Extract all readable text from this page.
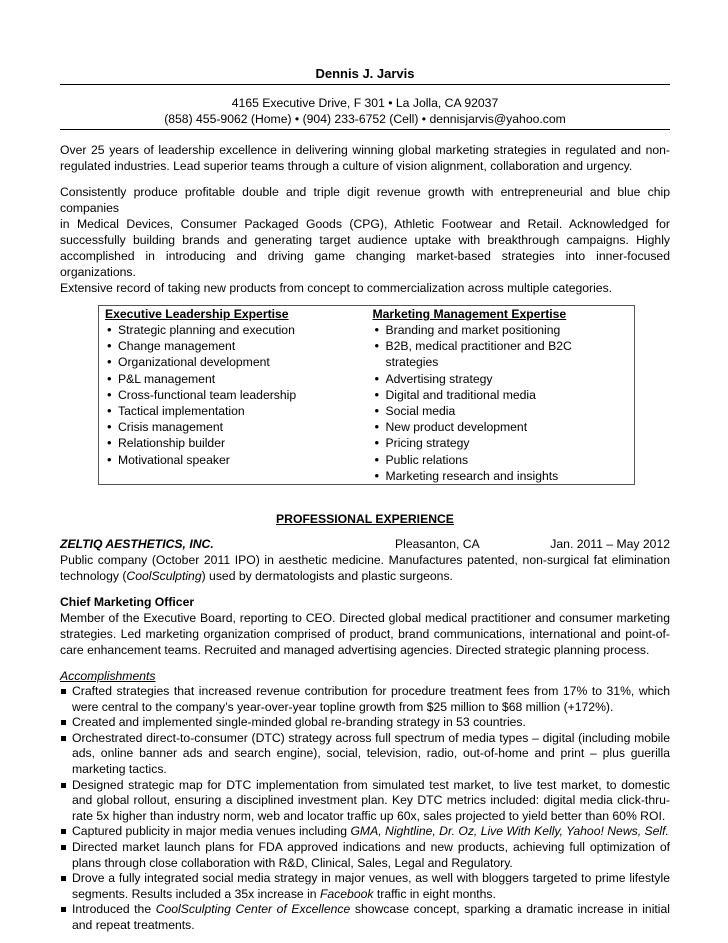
Dennis J. Jarvis
4165 Executive Drive, F 301 • La Jolla, CA 92037
(858) 455-9062 (Home) • (904) 233-6752 (Cell) • dennisjarvis@yahoo.com
Over 25 years of leadership excellence in delivering winning global marketing strategies in regulated and non-regulated industries. Lead superior teams through a culture of vision alignment, collaboration and urgency.
Consistently produce profitable double and triple digit revenue growth with entrepreneurial and blue chip companies
in Medical Devices, Consumer Packaged Goods (CPG), Athletic Footwear and Retail. Acknowledged for
successfully building brands and generating target audience uptake with breakthrough campaigns. Highly
accomplished in introducing and driving game changing market-based strategies into inner-focused organizations.
Extensive record of taking new products from concept to commercialization across multiple categories.
Executive Leadership Expertise
• Strategic planning and execution
• Change management
• Organizational development
• P&L management
• Cross-functional team leadership
• Tactical implementation
• Crisis management
• Relationship builder
• Motivational speaker
Marketing Management Expertise
• Branding and market positioning
• B2B, medical practitioner and B2C strategies
• Advertising strategy
• Digital and traditional media
• Social media
• New product development
• Pricing strategy
• Public relations
• Marketing research and insights
PROFESSIONAL EXPERIENCE
ZELTIQ AESTHETICS, INC.	Pleasanton, CA	Jan. 2011 – May 2012
Public company (October 2011 IPO) in aesthetic medicine. Manufactures patented, non-surgical fat elimination
technology (CoolSculpting) used by dermatologists and plastic surgeons.
Chief Marketing Officer
Member of the Executive Board, reporting to CEO. Directed global medical practitioner and consumer marketing strategies. Led marketing organization comprised of product, brand communications, international and point-of-care enhancement teams. Recruited and managed advertising agencies. Directed strategic planning process.
Accomplishments
Crafted strategies that increased revenue contribution for procedure treatment fees from 17% to 31%, which were central to the company’s year-over-year topline growth from $25 million to $68 million (+172%).
Created and implemented single-minded global re-branding strategy in 53 countries.
Orchestrated direct-to-consumer (DTC) strategy across full spectrum of media types – digital (including mobile ads, online banner ads and search engine), social, television, radio, out-of-home and print – plus guerilla marketing tactics.
Designed strategic map for DTC implementation from simulated test market, to live test market, to domestic and global rollout, ensuring a disciplined investment plan. Key DTC metrics included: digital media click-thru-rate 5x higher than industry norm, web and locator traffic up 60x, sales projected to yield better than 60% ROI.
Captured publicity in major media venues including GMA, Nightline, Dr. Oz, Live With Kelly, Yahoo! News, Self.
Directed market launch plans for FDA approved indications and new products, achieving full optimization of plans through close collaboration with R&D, Clinical, Sales, Legal and Regulatory.
Drove a fully integrated social media strategy in major venues, as well with bloggers targeted to prime lifestyle segments. Results included a 35x increase in Facebook traffic in eight months.
Introduced the CoolSculpting Center of Excellence showcase concept, sparking a dramatic increase in initial and repeat treatments.
